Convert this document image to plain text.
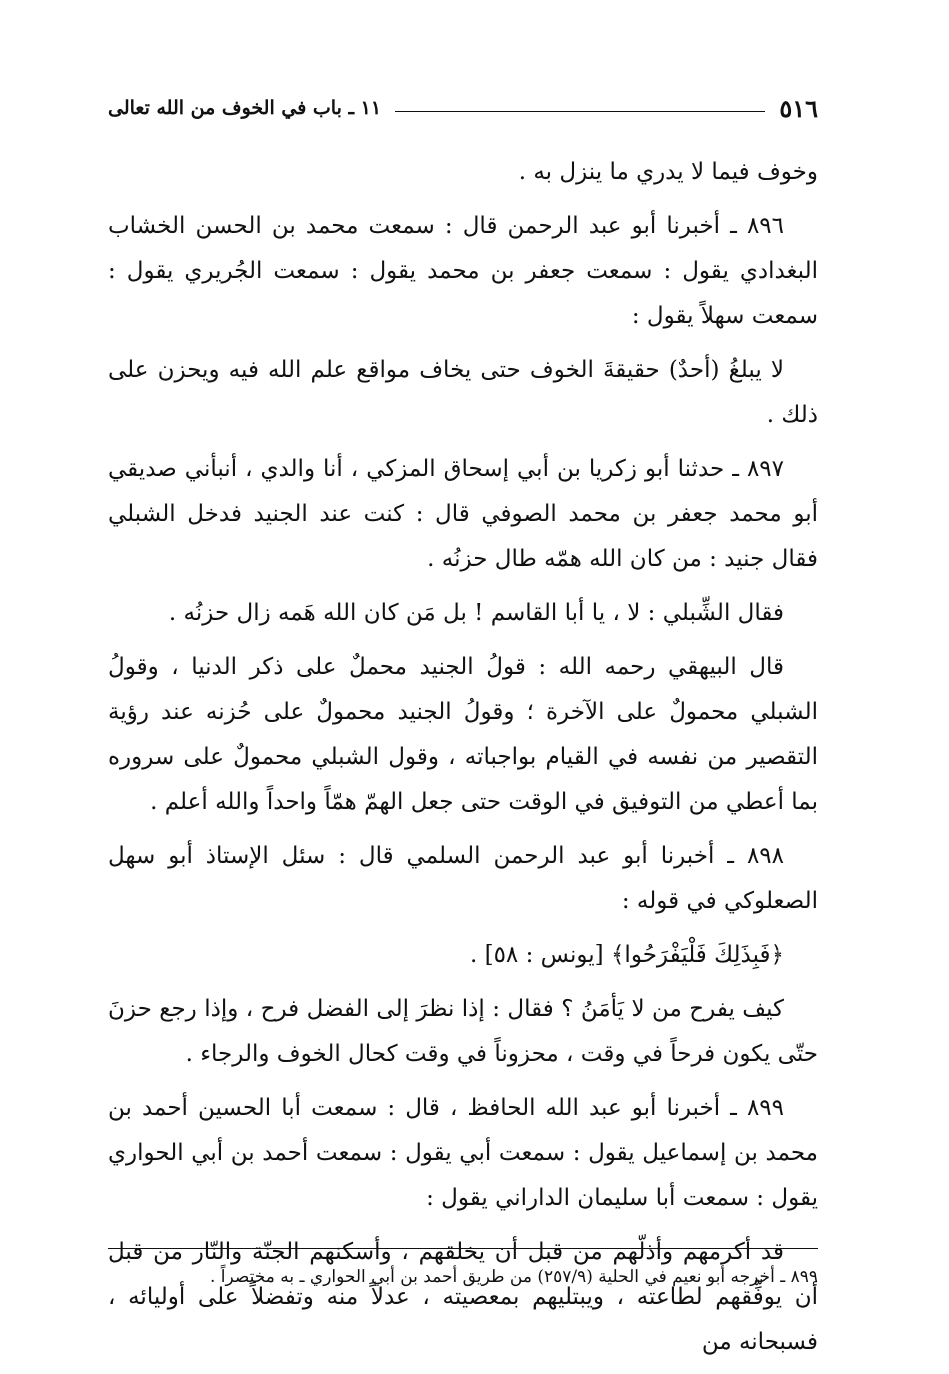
٥١٦
١١ ـ باب في الخوف من الله تعالى

وخوف فيما لا يدري ما ينزل به .

٨٩٦ ـ أخبرنا أبو عبد الرحمن قال : سمعت محمد بن الحسن الخشاب البغدادي يقول : سمعت جعفر بن محمد يقول : سمعت الجُريري يقول : سمعت سهلاً يقول :

لا يبلغُ (أحدٌ) حقيقةَ الخوف حتى يخاف مواقع علم الله فيه ويحزن على ذلك .

٨٩٧ ـ حدثنا أبو زكريا بن أبي إسحاق المزكي ، أنا والدي ، أنبأني صديقي أبو محمد جعفر بن محمد الصوفي قال : كنت عند الجنيد فدخل الشبلي فقال جنيد : من كان الله همّه طال حزنُه .

فقال الشِّبلي : لا ، يا أبا القاسم ! بل مَن كان الله هَمه زال حزنُه .

قال البيهقي رحمه الله : قولُ الجنيد محملٌ على ذكر الدنيا ، وقولُ الشبلي محمولٌ على الآخرة ؛ وقولُ الجنيد محمولٌ على حُزنه عند رؤية التقصير من نفسه في القيام بواجباته ، وقول الشبلي محمولٌ على سروره بما أعطي من التوفيق في الوقت حتى جعل الهمّ همّاً واحداً والله أعلم .

٨٩٨ ـ أخبرنا أبو عبد الرحمن السلمي قال : سئل الإستاذ أبو سهل الصعلوكي في قوله :

﴿فَبِذَلِكَ فَلْيَفْرَحُوا﴾ [يونس : ٥٨] .

كيف يفرح من لا يَأمَنُ ؟ فقال : إذا نظرَ إلى الفضل فرح ، وإذا رجع حزنَ حتّى يكون فرحاً في وقت ، محزوناً في وقت كحال الخوف والرجاء .

٨٩٩ ـ أخبرنا أبو عبد الله الحافظ ، قال : سمعت أبا الحسين أحمد بن محمد بن إسماعيل يقول : سمعت أبي يقول : سمعت أحمد بن أبي الحواري يقول : سمعت أبا سليمان الداراني يقول :

قد أكرمهم وأذلّهم من قبل أن يخلقهم ، وأسكنهم الجنّة والنّار من قبل أن يوفِّقهم لطاعته ، ويبتليهم بمعصيته ، عدلاً منه وتفضلاً على أوليائه ، فسبحانه من

٨٩٩ ـ أخرجه أبو نعيم في الحلية (٢٥٧/٩) من طريق أحمد بن أبي الحواري ـ به مختصراً .
